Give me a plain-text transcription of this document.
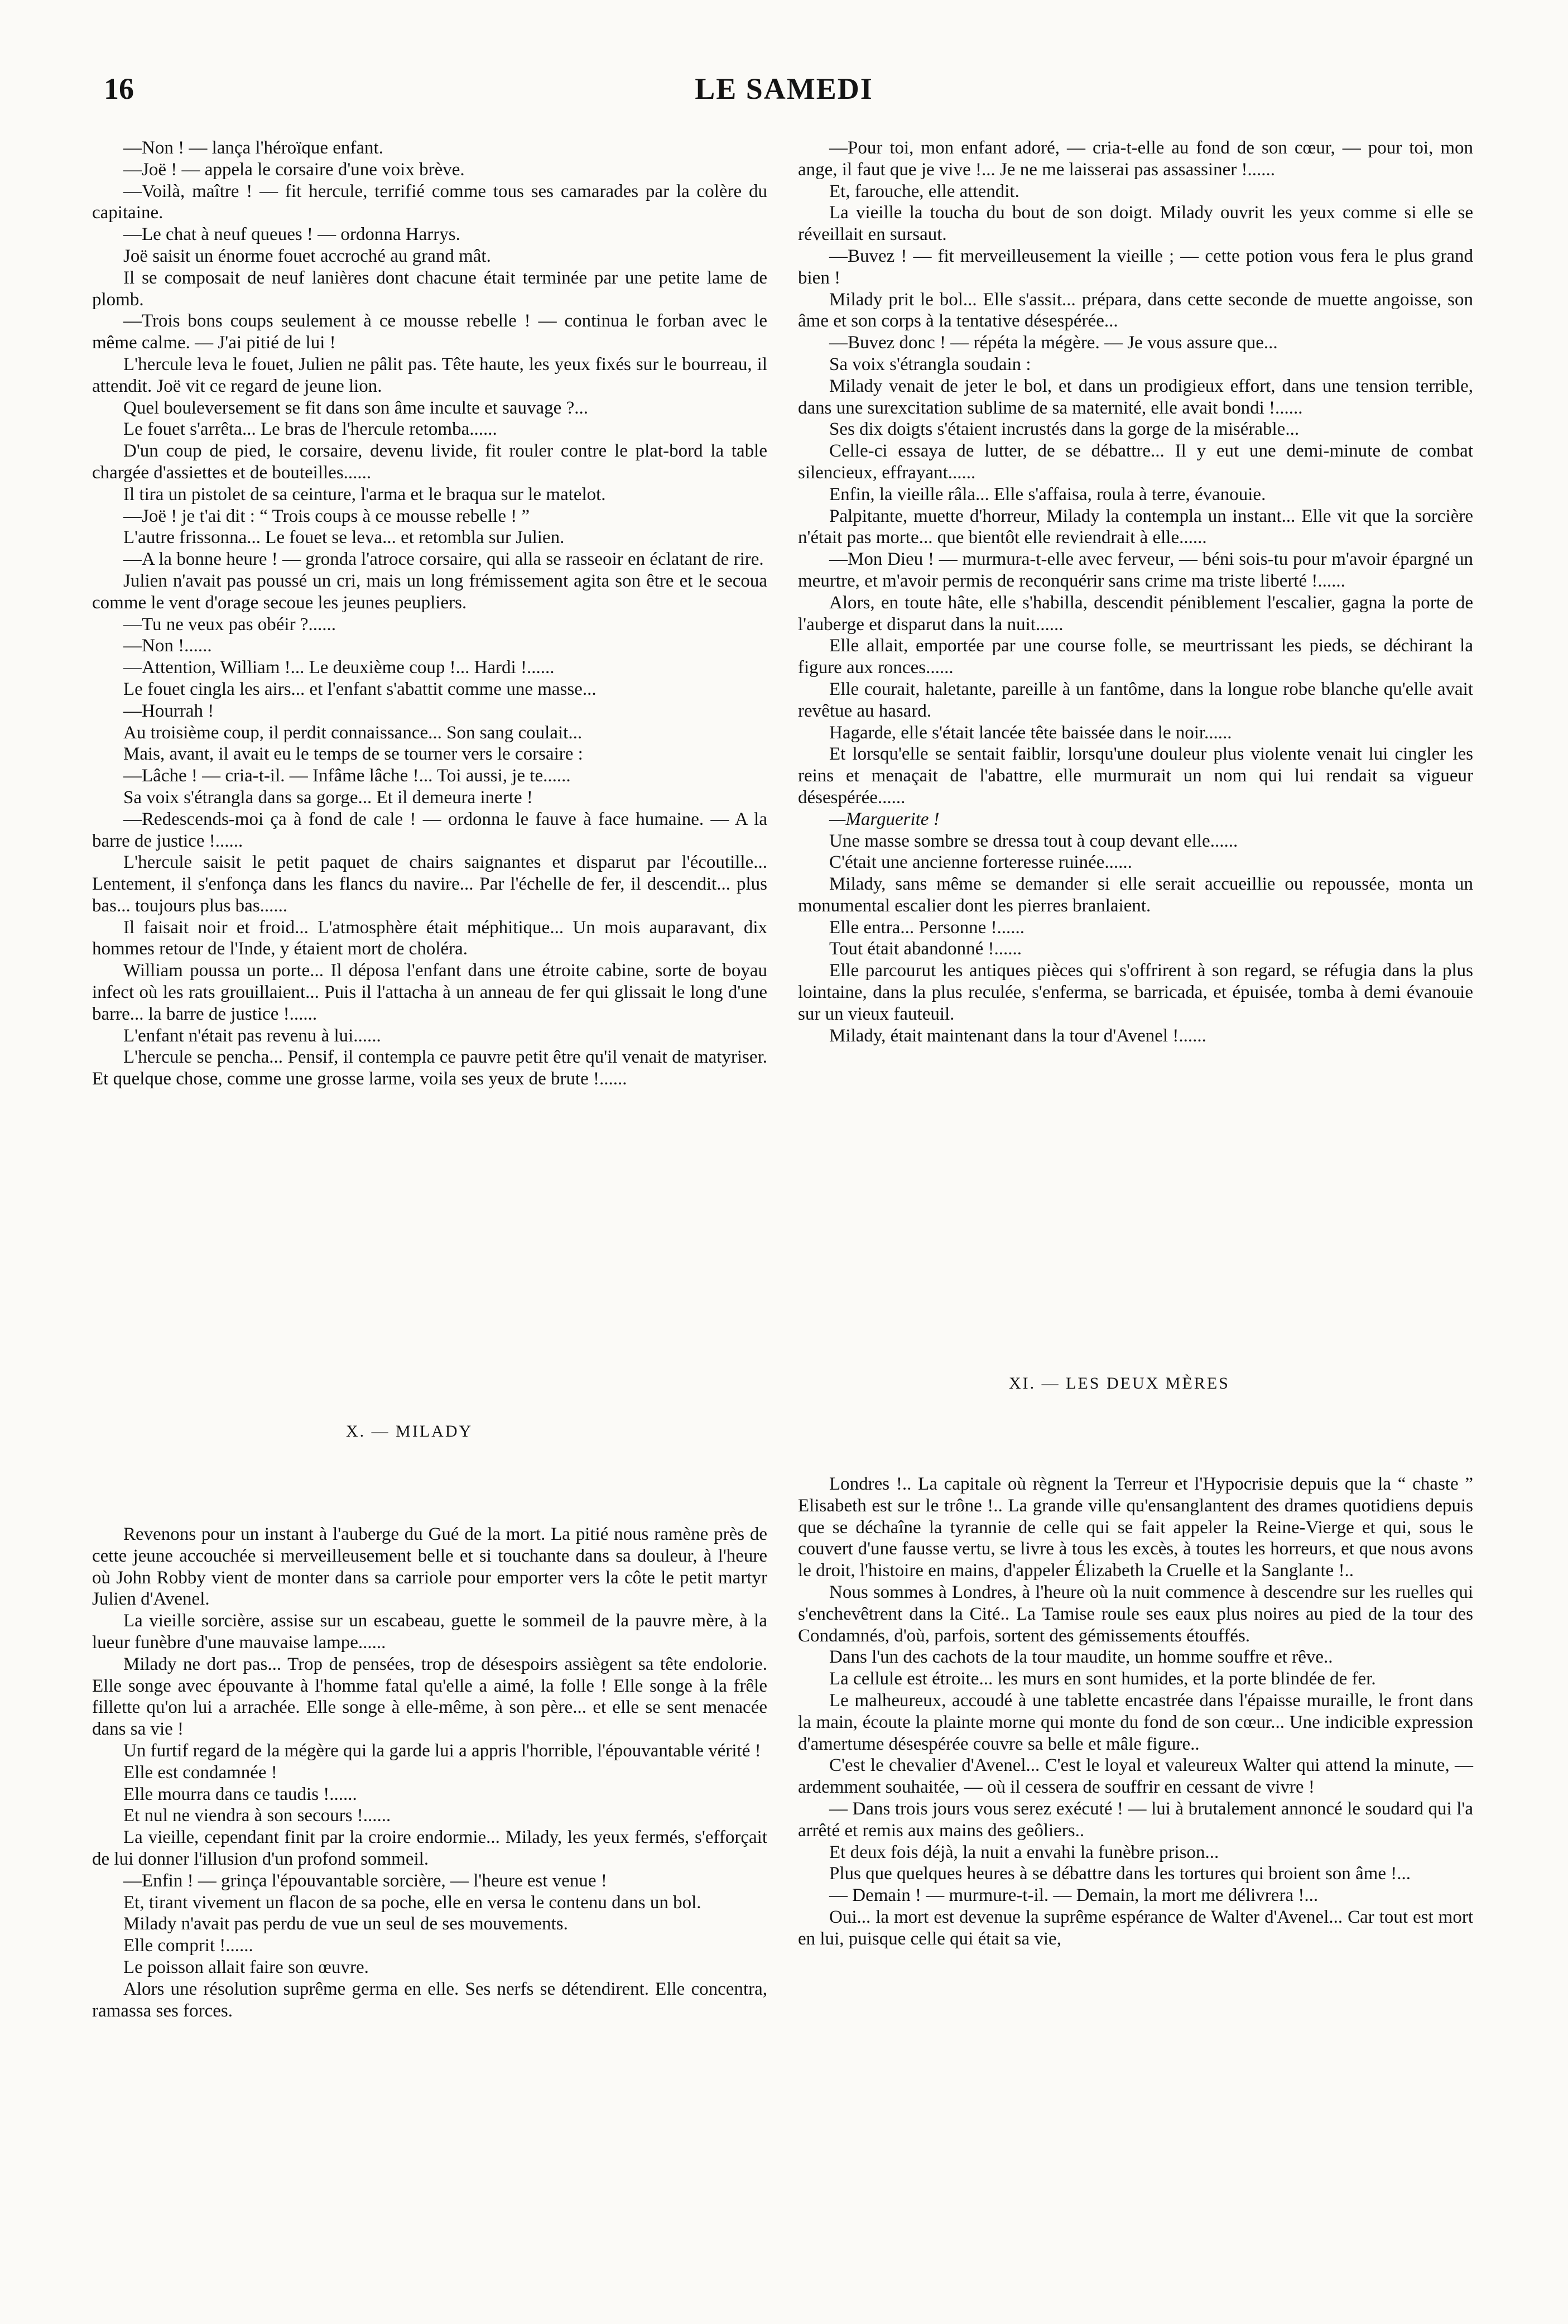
16	LE SAMEDI

—Non ! — lança l'héroïque enfant.

—Joë ! — appela le corsaire d'une voix brève.

—Voilà, maître ! — fit hercule, terrifié comme tous ses camarades par la colère du capitaine.

—Le chat à neuf queues ! — ordonna Harrys.

Joë saisit un énorme fouet accroché au grand mât.

Il se composait de neuf lanières dont chacune était terminée par une petite lame de plomb.

—Trois bons coups seulement à ce mousse rebelle ! — continua le forban avec le même calme. — J'ai pitié de lui !

L'hercule leva le fouet, Julien ne pâlit pas. Tête haute, les yeux fixés sur le bourreau, il attendit. Joë vit ce regard de jeune lion.

Quel bouleversement se fit dans son âme inculte et sauvage ?...

Le fouet s'arrêta... Le bras de l'hercule retomba......

D'un coup de pied, le corsaire, devenu livide, fit rouler contre le plat-bord la table chargée d'assiettes et de bouteilles......

Il tira un pistolet de sa ceinture, l'arma et le braqua sur le matelot.

—Joë ! je t'ai dit : “ Trois coups à ce mousse rebelle ! ”

L'autre frissonna... Le fouet se leva... et retombla sur Julien.

—A la bonne heure ! — gronda l'atroce corsaire, qui alla se rasseoir en éclatant de rire.

Julien n'avait pas poussé un cri, mais un long frémissement agita son être et le secoua comme le vent d'orage secoue les jeunes peupliers.

—Tu ne veux pas obéir ?......

—Non !......

—Attention, William !... Le deuxième coup !... Hardi !......

Le fouet cingla les airs... et l'enfant s'abattit comme une masse...

—Hourrah !

Au troisième coup, il perdit connaissance... Son sang coulait...

Mais, avant, il avait eu le temps de se tourner vers le corsaire :

—Lâche ! — cria-t-il. — Infâme lâche !... Toi aussi, je te......

Sa voix s'étrangla dans sa gorge... Et il demeura inerte !

—Redescends-moi ça à fond de cale ! — ordonna le fauve à face humaine. — A la barre de justice !......

L'hercule saisit le petit paquet de chairs saignantes et disparut par l'écoutille... Lentement, il s'enfonça dans les flancs du navire... Par l'échelle de fer, il descendit... plus bas... toujours plus bas......

Il faisait noir et froid... L'atmosphère était méphitique... Un mois auparavant, dix hommes retour de l'Inde, y étaient mort de choléra.

William poussa un porte... Il déposa l'enfant dans une étroite cabine, sorte de boyau infect où les rats grouillaient... Puis il l'attacha à un anneau de fer qui glissait le long d'une barre... la barre de justice !......

L'enfant n'était pas revenu à lui......

L'hercule se pencha... Pensif, il contempla ce pauvre petit être qu'il venait de matyriser. Et quelque chose, comme une grosse larme, voila ses yeux de brute !......

—Pour toi, mon enfant adoré, — cria-t-elle au fond de son cœur, — pour toi, mon ange, il faut que je vive !... Je ne me laisserai pas assassiner !......

Et, farouche, elle attendit.

La vieille la toucha du bout de son doigt. Milady ouvrit les yeux comme si elle se réveillait en sursaut.

—Buvez ! — fit merveilleusement la vieille ; — cette potion vous fera le plus grand bien !

Milady prit le bol... Elle s'assit... prépara, dans cette seconde de muette angoisse, son âme et son corps à la tentative désespérée...

—Buvez donc ! — répéta la mégère. — Je vous assure que...

Sa voix s'étrangla soudain :

Milady venait de jeter le bol, et dans un prodigieux effort, dans une tension terrible, dans une surexcitation sublime de sa maternité, elle avait bondi !......

Ses dix doigts s'étaient incrustés dans la gorge de la misérable...

Celle-ci essaya de lutter, de se débattre... Il y eut une demi-minute de combat silencieux, effrayant......

Enfin, la vieille râla... Elle s'affaisa, roula à terre, évanouie.

Palpitante, muette d'horreur, Milady la contempla un instant... Elle vit que la sorcière n'était pas morte... que bientôt elle reviendrait à elle......

—Mon Dieu ! — murmura-t-elle avec ferveur, — béni sois-tu pour m'avoir épargné un meurtre, et m'avoir permis de reconquérir sans crime ma triste liberté !......

Alors, en toute hâte, elle s'habilla, descendit péniblement l'escalier, gagna la porte de l'auberge et disparut dans la nuit......

Elle allait, emportée par une course folle, se meurtrissant les pieds, se déchirant la figure aux ronces......

Elle courait, haletante, pareille à un fantôme, dans la longue robe blanche qu'elle avait revêtue au hasard.

Hagarde, elle s'était lancée tête baissée dans le noir......

Et lorsqu'elle se sentait faiblir, lorsqu'une douleur plus violente venait lui cingler les reins et menaçait de l'abattre, elle murmurait un nom qui lui rendait sa vigueur désespérée......

—Marguerite !

Une masse sombre se dressa tout à coup devant elle......

C'était une ancienne forteresse ruinée......

Milady, sans même se demander si elle serait accueillie ou repoussée, monta un monumental escalier dont les pierres branlaient.

Elle entra... Personne !......

Tout était abandonné !......

Elle parcourut les antiques pièces qui s'offrirent à son regard, se réfugia dans la plus lointaine, dans la plus reculée, s'enferma, se barricada, et épuisée, tomba à demi évanouie sur un vieux fauteuil.

Milady, était maintenant dans la tour d'Avenel !......

XI. — LES DEUX MÈRES
X. — MILADY

Revenons pour un instant à l'auberge du Gué de la mort. La pitié nous ramène près de cette jeune accouchée si merveilleusement belle et si touchante dans sa douleur, à l'heure où John Robby vient de monter dans sa carriole pour emporter vers la côte le petit martyr Julien d'Avenel.

La vieille sorcière, assise sur un escabeau, guette le sommeil de la pauvre mère, à la lueur funèbre d'une mauvaise lampe......

Milady ne dort pas... Trop de pensées, trop de désespoirs assiègent sa tête endolorie. Elle songe avec épouvante à l'homme fatal qu'elle a aimé, la folle ! Elle songe à la frêle fillette qu'on lui a arrachée. Elle songe à elle-même, à son père... et elle se sent menacée dans sa vie !

Un furtif regard de la mégère qui la garde lui a appris l'horrible, l'épouvantable vérité !

Elle est condamnée !

Elle mourra dans ce taudis !......

Et nul ne viendra à son secours !......

La vieille, cependant finit par la croire endormie... Milady, les yeux fermés, s'efforçait de lui donner l'illusion d'un profond sommeil.

—Enfin ! — grinça l'épouvantable sorcière, — l'heure est venue !

Et, tirant vivement un flacon de sa poche, elle en versa le contenu dans un bol.

Milady n'avait pas perdu de vue un seul de ses mouvements.

Elle comprit !......

Le poisson allait faire son œuvre.

Alors une résolution suprême germa en elle. Ses nerfs se détendirent. Elle concentra, ramassa ses forces.

Londres !.. La capitale où règnent la Terreur et l'Hypocrisie depuis que la “ chaste ” Elisabeth est sur le trône !.. La grande ville qu'ensanglantent des drames quotidiens depuis que se déchaîne la tyrannie de celle qui se fait appeler la Reine-Vierge et qui, sous le couvert d'une fausse vertu, se livre à tous les excès, à toutes les horreurs, et que nous avons le droit, l'histoire en mains, d'appeler Élizabeth la Cruelle et la Sanglante !..

Nous sommes à Londres, à l'heure où la nuit commence à descendre sur les ruelles qui s'enchevêtrent dans la Cité.. La Tamise roule ses eaux plus noires au pied de la tour des Condamnés, d'où, parfois, sortent des gémissements étouffés.

Dans l'un des cachots de la tour maudite, un homme souffre et rêve..

La cellule est étroite... les murs en sont humides, et la porte blindée de fer.

Le malheureux, accoudé à une tablette encastrée dans l'épaisse muraille, le front dans la main, écoute la plainte morne qui monte du fond de son cœur... Une indicible expression d'amertume désespérée couvre sa belle et mâle figure..

C'est le chevalier d'Avenel... C'est le loyal et valeureux Walter qui attend la minute, — ardemment souhaitée, — où il cessera de souffrir en cessant de vivre !

— Dans trois jours vous serez exécuté ! — lui à brutalement annoncé le soudard qui l'a arrêté et remis aux mains des geôliers..

Et deux fois déjà, la nuit a envahi la funèbre prison...

Plus que quelques heures à se débattre dans les tortures qui broient son âme !...

— Demain ! — murmure-t-il. — Demain, la mort me délivrera !...

Oui... la mort est devenue la suprême espérance de Walter d'Avenel... Car tout est mort en lui, puisque celle qui était sa vie,
